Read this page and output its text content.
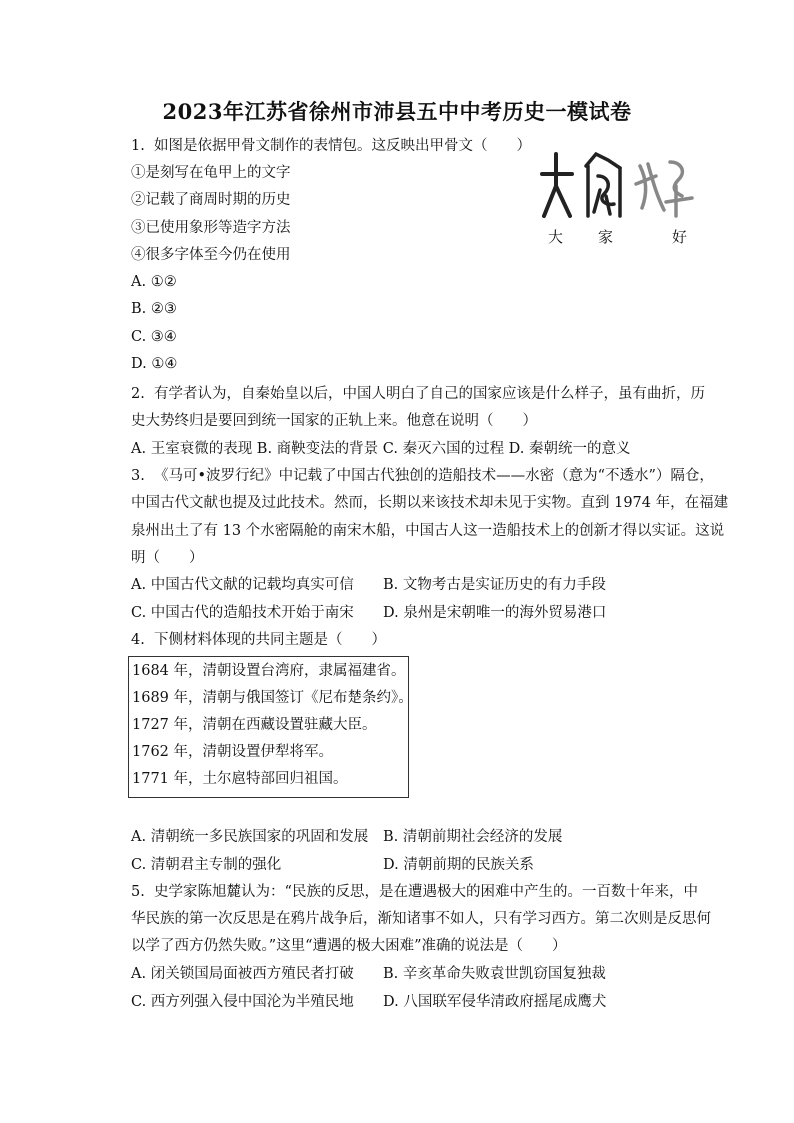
2023年江苏省徐州市沛县五中中考历史一模试卷
1.  如图是依据甲骨文制作的表情包。这反映出甲骨文（　　）
①是刻写在龟甲上的文字
②记载了商周时期的历史
③已使用象形等造字方法
④很多字体至今仍在使用
A. ①②
B. ②③
C. ③④
D. ①④
大 家	好
2.  有学者认为，自秦始皇以后，中国人明白了自己的国家应该是什么样子，虽有曲折，历
史大势终归是要回到统一国家的正轨上来。他意在说明（　　）
A. 王室衰微的表现 B. 商鞅变法的背景 C. 秦灭六国的过程 D. 秦朝统一的意义
3.  《马可•波罗行纪》中记载了中国古代独创的造船技术——水密（意为“不透水”）隔仓，
中国古代文献也提及过此技术。然而，长期以来该技术却未见于实物。直到 1974 年，在福建
泉州出土了有 13 个水密隔舱的南宋木船，中国古人这一造船技术上的创新才得以实证。这说
明（　　）
A. 中国古代文献的记载均真实可信 B. 文物考古是实证历史的有力手段
C. 中国古代的造船技术开始于南宋 D. 泉州是宋朝唯一的海外贸易港口
4.  下侧材料体现的共同主题是（　　）
1684 年，清朝设置台湾府，隶属福建省。
1689 年，清朝与俄国签订《尼布楚条约》。
1727 年，清朝在西藏设置驻藏大臣。
1762 年，清朝设置伊犁将军。
1771 年，土尔扈特部回归祖国。
A. 清朝统一多民族国家的巩固和发展 B. 清朝前期社会经济的发展
C. 清朝君主专制的强化	D. 清朝前期的民族关系
5.  史学家陈旭麓认为：“民族的反思，是在遭遇极大的困难中产生的。一百数十年来，中
华民族的第一次反思是在鸦片战争后，渐知诸事不如人，只有学习西方。第二次则是反思何
以学了西方仍然失败。”这里“遭遇的极大困难”准确的说法是（　　）
A. 闭关锁国局面被西方殖民者打破 B. 辛亥革命失败袁世凯窃国复独裁
C. 西方列强入侵中国沦为半殖民地 D. 八国联军侵华清政府摇尾成鹰犬
